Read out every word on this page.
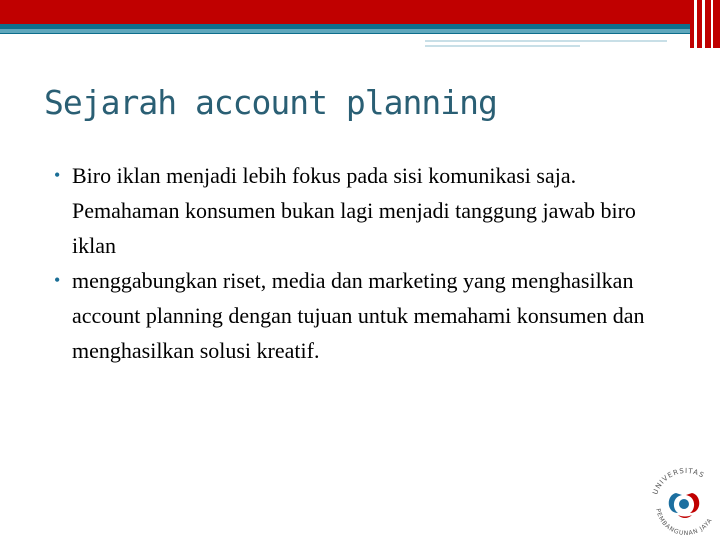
Sejarah account planning
• Biro iklan menjadi lebih fokus pada sisi komunikasi saja. Pemahaman konsumen bukan lagi menjadi tanggung jawab biro iklan
• menggabungkan riset, media dan marketing yang menghasilkan account planning dengan tujuan untuk memahami konsumen dan menghasilkan solusi kreatif.
UNIVERSITAS
PEMBANGUNAN JAYA
